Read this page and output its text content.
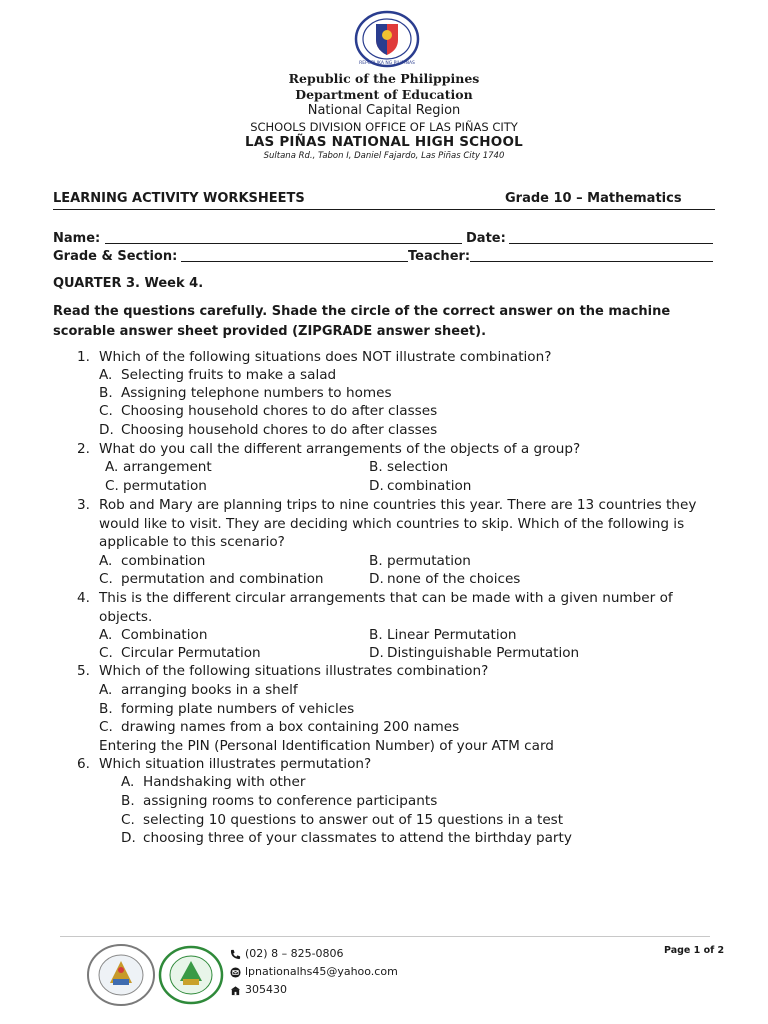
REPUBLIKA NG PILIPINAS
Republic of the Philippines
Department of Education
National Capital Region
SCHOOLS DIVISION OFFICE OF LAS PIÑAS CITY
LAS PIÑAS NATIONAL HIGH SCHOOL
Sultana Rd., Tabon I, Daniel Fajardo, Las Piñas City 1740
LEARNING ACTIVITY WORKSHEETS	Grade 10 – Mathematics
Name:	Date:
Grade & Section:	Teacher:
QUARTER 3. Week 4.
Read the questions carefully. Shade the circle of the correct answer on the machine scorable answer sheet provided (ZIPGRADE answer sheet).
1. Which of the following situations does NOT illustrate combination?
A. Selecting fruits to make a salad
B. Assigning telephone numbers to homes
C. Choosing household chores to do after classes
D. Choosing household chores to do after classes
2. What do you call the different arrangements of the objects of a group?
A. arrangement	B. selection
C. permutation	D. combination
3. Rob and Mary are planning trips to nine countries this year. There are 13 countries they would like to visit. They are deciding which countries to skip. Which of the following is applicable to this scenario?
A. combination	B. permutation
C. permutation and combination	D. none of the choices
4. This is the different circular arrangements that can be made with a given number of objects.
A. Combination	B. Linear Permutation
C. Circular Permutation	D. Distinguishable Permutation
5. Which of the following situations illustrates combination?
A. arranging books in a shelf
B. forming plate numbers of vehicles
C. drawing names from a box containing 200 names
Entering the PIN (Personal Identification Number) of your ATM card
6. Which situation illustrates permutation?
A. Handshaking with other
B. assigning rooms to conference participants
C. selecting 10 questions to answer out of 15 questions in a test
D. choosing three of your classmates to attend the birthday party
(02) 8 – 825-0806
lpnationalhs45@yahoo.com
305430
Page 1 of 2
